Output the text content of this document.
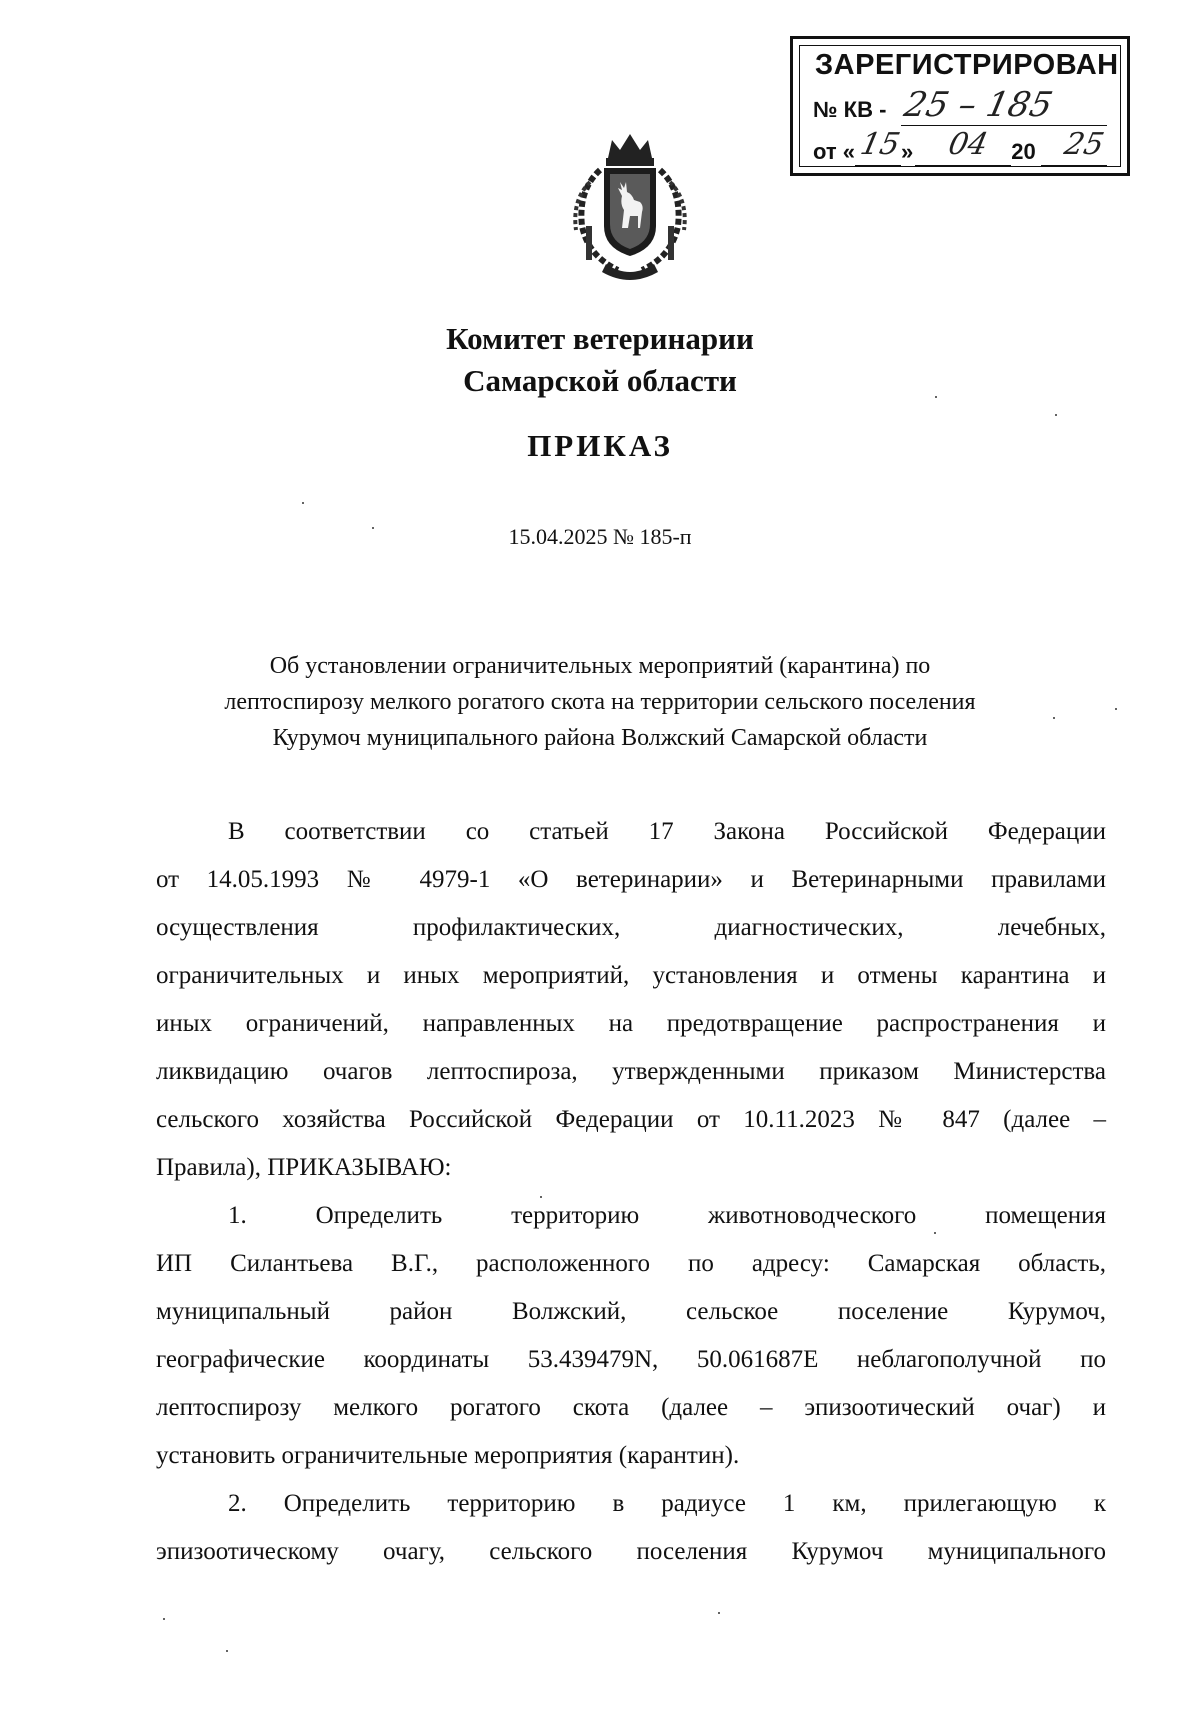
ЗАРЕГИСТРИРОВАН
№ КВ - 25 – 185
от « »	20
15 04 25
Комитет ветеринарии
Самарской области
ПРИКАЗ
15.04.2025 № 185-п
Об установлении ограничительных мероприятий (карантина) по
лептоспирозу мелкого рогатого скота на территории сельского поселения
Курумоч муниципального района Волжский Самарской области
В соответствии со статьей 17 Закона Российской Федерации
от 14.05.1993 № 4979-1 «О ветеринарии» и Ветеринарными правилами
осуществления профилактических, диагностических, лечебных,
ограничительных и иных мероприятий, установления и отмены карантина и
иных ограничений, направленных на предотвращение распространения и
ликвидацию очагов лептоспироза, утвержденными приказом Министерства
сельского хозяйства Российской Федерации от 10.11.2023 № 847 (далее –
Правила), ПРИКАЗЫВАЮ:
1. Определить территорию животноводческого помещения
ИП Силантьева В.Г., расположенного по адресу: Самарская область,
муниципальный район Волжский, сельское поселение Курумоч,
географические координаты 53.439479N, 50.061687E неблагополучной по
лептоспирозу мелкого рогатого скота (далее – эпизоотический очаг) и
установить ограничительные мероприятия (карантин).
2. Определить территорию в радиусе 1 км, прилегающую к
эпизоотическому очагу, сельского поселения Курумоч муниципального
